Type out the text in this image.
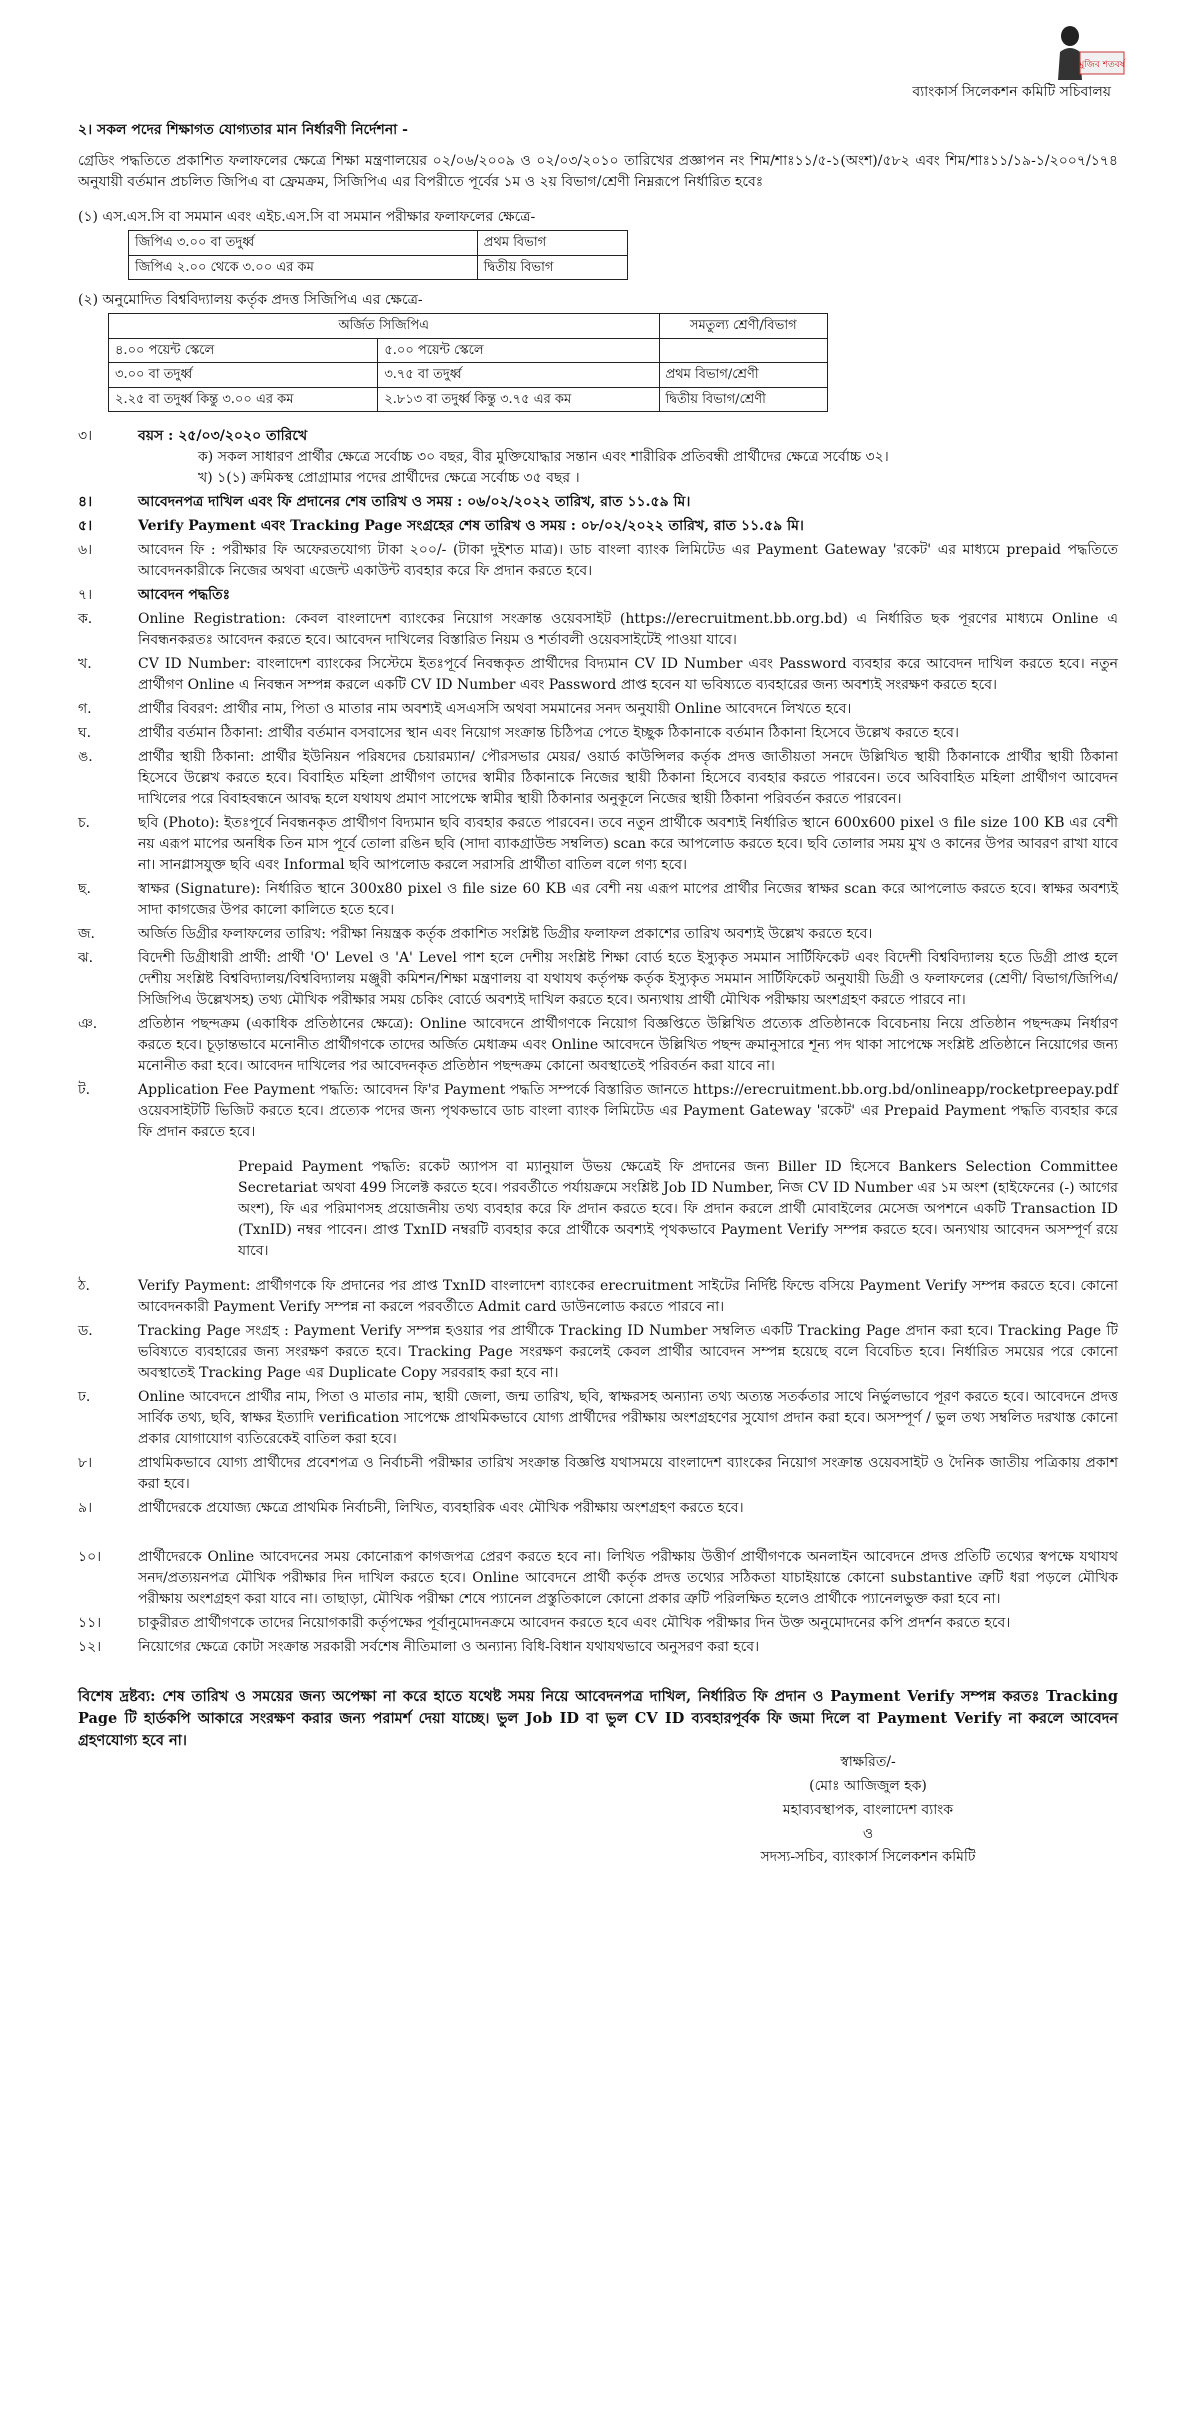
মুজিব শতবর্ষ
ব্যাংকার্স সিলেকশন কমিটি সচিবালয়
২। সকল পদের শিক্ষাগত যোগ্যতার মান নির্ধারণী নির্দেশনা -

গ্রেডিং পদ্ধতিতে প্রকাশিত ফলাফলের ক্ষেত্রে শিক্ষা মন্ত্রণালয়ের ০২/০৬/২০০৯ ও ০২/০৩/২০১০ তারিখের প্রজ্ঞাপন নং শিম/শাঃ১১/৫-১(অংশ)/৫৮২ এবং শিম/শাঃ১১/১৯-১/২০০৭/১৭৪ অনুযায়ী বর্তমান প্রচলিত জিপিএ বা ফ্রেমক্রম, সিজিপিএ এর বিপরীতে পূর্বের ১ম ও ২য় বিভাগ/শ্রেণী নিম্নরূপে নির্ধারিত হবেঃ

(১) এস.এস.সি বা সমমান এবং এইচ.এস.সি বা সমমান পরীক্ষার ফলাফলের ক্ষেত্রে-
জিপিএ ৩.০০ বা তদুর্ধ্ব	প্রথম বিভাগ
জিপিএ ২.০০ থেকে ৩.০০ এর কম	দ্বিতীয় বিভাগ
(২) অনুমোদিত বিশ্ববিদ্যালয় কর্তৃক প্রদত্ত সিজিপিএ এর ক্ষেত্রে-
অর্জিত সিজিপিএ		সমতুল্য শ্রেণী/বিভাগ
৪.০০ পয়েন্ট স্কেলে	৫.০০ পয়েন্ট স্কেলে	
৩.০০ বা তদুর্ধ্ব	৩.৭৫ বা তদুর্ধ্ব	প্রথম বিভাগ/শ্রেণী
২.২৫ বা তদুর্ধ্ব কিন্তু ৩.০০ এর কম	২.৮১৩ বা তদুর্ধ্ব কিন্তু ৩.৭৫ এর কম	দ্বিতীয় বিভাগ/শ্রেণী
৩।	বয়স : ২৫/০৩/২০২০ তারিখে
ক) সকল সাধারণ প্রার্থীর ক্ষেত্রে সর্বোচ্চ ৩০ বছর, বীর মুক্তিযোদ্ধার সন্তান এবং শারীরিক প্রতিবন্ধী প্রার্থীদের ক্ষেত্রে সর্বোচ্চ ৩২।
খ) ১(১) ক্রমিকস্থ প্রোগ্রামার পদের প্রার্থীদের ক্ষেত্রে সর্বোচ্চ ৩৫ বছর ।
৪।	আবেদনপত্র দাখিল এবং ফি প্রদানের শেষ তারিখ ও সময় : ০৬/০২/২০২২ তারিখ, রাত ১১.৫৯ মি।
৫।	Verify Payment এবং Tracking Page সংগ্রহের শেষ তারিখ ও সময় : ০৮/০২/২০২২ তারিখ, রাত ১১.৫৯ মি।
৬।	আবেদন ফি : পরীক্ষার ফি অফেরতযোগ্য টাকা ২০০/- (টাকা দুইশত মাত্র)। ডাচ বাংলা ব্যাংক লিমিটেড এর Payment Gateway 'রকেট' এর মাধ্যমে prepaid পদ্ধতিতে আবেদনকারীকে নিজের অথবা এজেন্ট একাউন্ট ব্যবহার করে ফি প্রদান করতে হবে।
৭।	আবেদন পদ্ধতিঃ
ক.	Online Registration: কেবল বাংলাদেশ ব্যাংকের নিয়োগ সংক্রান্ত ওয়েবসাইট (https://erecruitment.bb.org.bd) এ নির্ধারিত ছক পূরণের মাধ্যমে Online এ নিবন্ধনকরতঃ আবেদন করতে হবে। আবেদন দাখিলের বিস্তারিত নিয়ম ও শর্তাবলী ওয়েবসাইটেই পাওয়া যাবে।
খ.	CV ID Number: বাংলাদেশ ব্যাংকের সিস্টেমে ইতঃপূর্বে নিবন্ধকৃত প্রার্থীদের বিদ্যমান CV ID Number এবং Password ব্যবহার করে আবেদন দাখিল করতে হবে। নতুন প্রার্থীগণ Online এ নিবন্ধন সম্পন্ন করলে একটি CV ID Number এবং Password প্রাপ্ত হবেন যা ভবিষ্যতে ব্যবহারের জন্য অবশ্যই সংরক্ষণ করতে হবে।
গ.	প্রার্থীর বিবরণ: প্রার্থীর নাম, পিতা ও মাতার নাম অবশ্যই এসএসসি অথবা সমমানের সনদ অনুযায়ী Online আবেদনে লিখতে হবে।
ঘ.	প্রার্থীর বর্তমান ঠিকানা: প্রার্থীর বর্তমান বসবাসের স্থান এবং নিয়োগ সংক্রান্ত চিঠিপত্র পেতে ইচ্ছুক ঠিকানাকে বর্তমান ঠিকানা হিসেবে উল্লেখ করতে হবে।
ঙ.	প্রার্থীর স্থায়ী ঠিকানা: প্রার্থীর ইউনিয়ন পরিষদের চেয়ারম্যান/ পৌরসভার মেয়র/ ওয়ার্ড কাউন্সিলর কর্তৃক প্রদত্ত জাতীয়তা সনদে উল্লিখিত স্থায়ী ঠিকানাকে প্রার্থীর স্থায়ী ঠিকানা হিসেবে উল্লেখ করতে হবে। বিবাহিত মহিলা প্রার্থীগণ তাদের স্বামীর ঠিকানাকে নিজের স্থায়ী ঠিকানা হিসেবে ব্যবহার করতে পারবেন। তবে অবিবাহিত মহিলা প্রার্থীগণ আবেদন দাখিলের পরে বিবাহবন্ধনে আবদ্ধ হলে যথাযথ প্রমাণ সাপেক্ষে স্বামীর স্থায়ী ঠিকানার অনুকূলে নিজের স্থায়ী ঠিকানা পরিবর্তন করতে পারবেন।
চ.	ছবি (Photo): ইতঃপূর্বে নিবন্ধনকৃত প্রার্থীগণ বিদ্যমান ছবি ব্যবহার করতে পারবেন। তবে নতুন প্রার্থীকে অবশ্যই নির্ধারিত স্থানে 600x600 pixel ও file size 100 KB এর বেশী নয় এরূপ মাপের অনধিক তিন মাস পূর্বে তোলা রঙিন ছবি (সাদা ব্যাকগ্রাউন্ড সম্বলিত) scan করে আপলোড করতে হবে। ছবি তোলার সময় মুখ ও কানের উপর আবরণ রাখা যাবে না। সানগ্লাসযুক্ত ছবি এবং Informal ছবি আপলোড করলে সরাসরি প্রার্থীতা বাতিল বলে গণ্য হবে।
ছ.	স্বাক্ষর (Signature): নির্ধারিত স্থানে 300x80 pixel ও file size 60 KB এর বেশী নয় এরূপ মাপের প্রার্থীর নিজের স্বাক্ষর scan করে আপলোড করতে হবে। স্বাক্ষর অবশ্যই সাদা কাগজের উপর কালো কালিতে হতে হবে।
জ.	অর্জিত ডিগ্রীর ফলাফলের তারিখ: পরীক্ষা নিয়ন্ত্রক কর্তৃক প্রকাশিত সংশ্লিষ্ট ডিগ্রীর ফলাফল প্রকাশের তারিখ অবশ্যই উল্লেখ করতে হবে।
ঝ.	বিদেশী ডিগ্রীধারী প্রার্থী: প্রার্থী 'O' Level ও 'A' Level পাশ হলে দেশীয় সংশ্লিষ্ট শিক্ষা বোর্ড হতে ইস্যুকৃত সমমান সার্টিফিকেট এবং বিদেশী বিশ্ববিদ্যালয় হতে ডিগ্রী প্রাপ্ত হলে দেশীয় সংশ্লিষ্ট বিশ্ববিদ্যালয়/বিশ্ববিদ্যালয় মঞ্জুরী কমিশন/শিক্ষা মন্ত্রণালয় বা যথাযথ কর্তৃপক্ষ কর্তৃক ইস্যুকৃত সমমান সার্টিফিকেট অনুযায়ী ডিগ্রী ও ফলাফলের (শ্রেণী/ বিভাগ/জিপিএ/সিজিপিএ উল্লেখসহ) তথ্য মৌখিক পরীক্ষার সময় চেকিং বোর্ডে অবশ্যই দাখিল করতে হবে। অন্যথায় প্রার্থী মৌখিক পরীক্ষায় অংশগ্রহণ করতে পারবে না।
ঞ.	প্রতিষ্ঠান পছন্দক্রম (একাধিক প্রতিষ্ঠানের ক্ষেত্রে): Online আবেদনে প্রার্থীগণকে নিয়োগ বিজ্ঞপ্তিতে উল্লিখিত প্রত্যেক প্রতিষ্ঠানকে বিবেচনায় নিয়ে প্রতিষ্ঠান পছন্দক্রম নির্ধারণ করতে হবে। চূড়ান্তভাবে মনোনীত প্রার্থীগণকে তাদের অর্জিত মেধাক্রম এবং Online আবেদনে উল্লিখিত পছন্দ ক্রমানুসারে শূন্য পদ থাকা সাপেক্ষে সংশ্লিষ্ট প্রতিষ্ঠানে নিয়োগের জন্য মনোনীত করা হবে। আবেদন দাখিলের পর আবেদনকৃত প্রতিষ্ঠান পছন্দক্রম কোনো অবস্থাতেই পরিবর্তন করা যাবে না।
ট.	Application Fee Payment পদ্ধতি: আবেদন ফি'র Payment পদ্ধতি সম্পর্কে বিস্তারিত জানতে https://erecruitment.bb.org.bd/onlineapp/rocketpreepay.pdf ওয়েবসাইটটি ভিজিট করতে হবে। প্রত্যেক পদের জন্য পৃথকভাবে ডাচ বাংলা ব্যাংক লিমিটেড এর Payment Gateway 'রকেট' এর Prepaid Payment পদ্ধতি ব্যবহার করে ফি প্রদান করতে হবে।

Prepaid Payment পদ্ধতি: রকেট অ্যাপস বা ম্যানুয়াল উভয় ক্ষেত্রেই ফি প্রদানের জন্য Biller ID হিসেবে Bankers Selection Committee Secretariat অথবা 499 সিলেক্ট করতে হবে। পরবর্তীতে পর্যায়ক্রমে সংশ্লিষ্ট Job ID Number, নিজ CV ID Number এর ১ম অংশ (হাইফেনের (-) আগের অংশ), ফি এর পরিমাণসহ প্রয়োজনীয় তথ্য ব্যবহার করে ফি প্রদান করতে হবে। ফি প্রদান করলে প্রার্থী মোবাইলের মেসেজ অপশনে একটি Transaction ID (TxnID) নম্বর পাবেন। প্রাপ্ত TxnID নম্বরটি ব্যবহার করে প্রার্থীকে অবশ্যই পৃথকভাবে Payment Verify সম্পন্ন করতে হবে। অন্যথায় আবেদন অসম্পূর্ণ রয়ে যাবে।

ঠ.	Verify Payment: প্রার্থীগণকে ফি প্রদানের পর প্রাপ্ত TxnID বাংলাদেশ ব্যাংকের erecruitment সাইটের নির্দিষ্ট ফিল্ডে বসিয়ে Payment Verify সম্পন্ন করতে হবে। কোনো আবেদনকারী Payment Verify সম্পন্ন না করলে পরবর্তীতে Admit card ডাউনলোড করতে পারবে না।
ড.	Tracking Page সংগ্রহ : Payment Verify সম্পন্ন হওয়ার পর প্রার্থীকে Tracking ID Number সম্বলিত একটি Tracking Page প্রদান করা হবে। Tracking Page টি ভবিষ্যতে ব্যবহারের জন্য সংরক্ষণ করতে হবে। Tracking Page সংরক্ষণ করলেই কেবল প্রার্থীর আবেদন সম্পন্ন হয়েছে বলে বিবেচিত হবে। নির্ধারিত সময়ের পরে কোনো অবস্থাতেই Tracking Page এর Duplicate Copy সরবরাহ করা হবে না।
ঢ.	Online আবেদনে প্রার্থীর নাম, পিতা ও মাতার নাম, স্থায়ী জেলা, জন্ম তারিখ, ছবি, স্বাক্ষরসহ অন্যান্য তথ্য অত্যন্ত সতর্কতার সাথে নির্ভুলভাবে পূরণ করতে হবে। আবেদনে প্রদত্ত সার্বিক তথ্য, ছবি, স্বাক্ষর ইত্যাদি verification সাপেক্ষে প্রাথমিকভাবে যোগ্য প্রার্থীদের পরীক্ষায় অংশগ্রহণের সুযোগ প্রদান করা হবে। অসম্পূর্ণ / ভুল তথ্য সম্বলিত দরখাস্ত কোনো প্রকার যোগাযোগ ব্যতিরেকেই বাতিল করা হবে।
৮।	প্রাথমিকভাবে যোগ্য প্রার্থীদের প্রবেশপত্র ও নির্বাচনী পরীক্ষার তারিখ সংক্রান্ত বিজ্ঞপ্তি যথাসময়ে বাংলাদেশ ব্যাংকের নিয়োগ সংক্রান্ত ওয়েবসাইট ও দৈনিক জাতীয় পত্রিকায় প্রকাশ করা হবে।
৯।	প্রার্থীদেরকে প্রযোজ্য ক্ষেত্রে প্রাথমিক নির্বাচনী, লিখিত, ব্যবহারিক এবং মৌখিক পরীক্ষায় অংশগ্রহণ করতে হবে।
১০।	প্রার্থীদেরকে Online আবেদনের সময় কোনোরূপ কাগজপত্র প্রেরণ করতে হবে না। লিখিত পরীক্ষায় উত্তীর্ণ প্রার্থীগণকে অনলাইন আবেদনে প্রদত্ত প্রতিটি তথ্যের স্বপক্ষে যথাযথ সনদ/প্রত্যয়নপত্র মৌখিক পরীক্ষার দিন দাখিল করতে হবে। Online আবেদনে প্রার্থী কর্তৃক প্রদত্ত তথ্যের সঠিকতা যাচাইয়ান্তে কোনো substantive ত্রুটি ধরা পড়লে মৌখিক পরীক্ষায় অংশগ্রহণ করা যাবে না। তাছাড়া, মৌখিক পরীক্ষা শেষে প্যানেল প্রস্তুতিকালে কোনো প্রকার ত্রুটি পরিলক্ষিত হলেও প্রার্থীকে প্যানেলভুক্ত করা হবে না।
১১।	চাকুরীরত প্রার্থীগণকে তাদের নিয়োগকারী কর্তৃপক্ষের পূর্বানুমোদনক্রমে আবেদন করতে হবে এবং মৌখিক পরীক্ষার দিন উক্ত অনুমোদনের কপি প্রদর্শন করতে হবে।
১২।	নিয়োগের ক্ষেত্রে কোটা সংক্রান্ত সরকারী সর্বশেষ নীতিমালা ও অন্যান্য বিধি-বিধান যথাযথভাবে অনুসরণ করা হবে।

বিশেষ দ্রষ্টব্য: শেষ তারিখ ও সময়ের জন্য অপেক্ষা না করে হাতে যথেষ্ট সময় নিয়ে আবেদনপত্র দাখিল, নির্ধারিত ফি প্রদান ও Payment Verify সম্পন্ন করতঃ Tracking Page টি হার্ডকপি আকারে সংরক্ষণ করার জন্য পরামর্শ দেয়া যাচ্ছে। ভুল Job ID বা ভুল CV ID ব্যবহারপূর্বক ফি জমা দিলে বা Payment Verify না করলে আবেদন গ্রহণযোগ্য হবে না।

স্বাক্ষরিত/-
(মোঃ আজিজুল হক)
মহাব্যবস্থাপক, বাংলাদেশ ব্যাংক
ও
সদস্য-সচিব, ব্যাংকার্স সিলেকশন কমিটি
